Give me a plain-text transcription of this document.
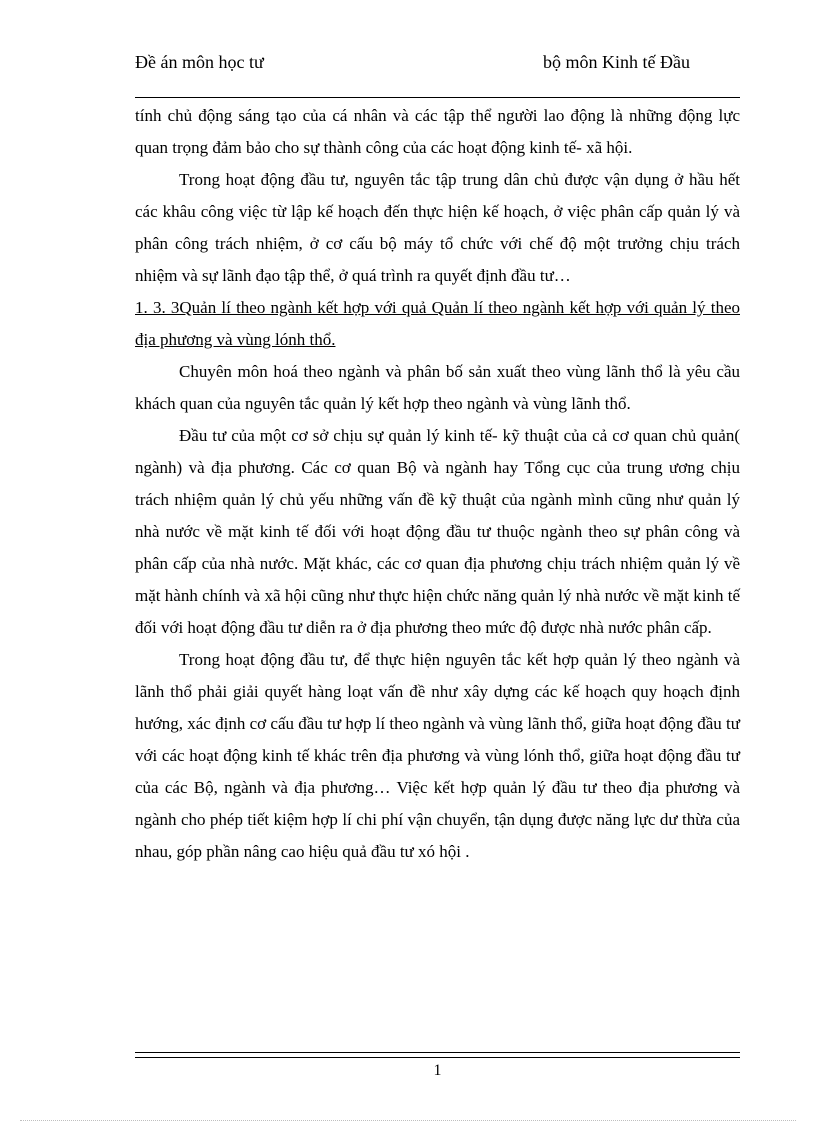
Đề án môn học tư	bộ môn Kinh tế Đầu

tính chủ động sáng tạo của cá nhân và các tập thể người lao động là những động lực quan trọng đảm bảo cho sự thành công của các hoạt động kinh tế- xã hội.

Trong hoạt động đầu tư, nguyên tắc tập trung dân chủ được vận dụng ở hầu hết các khâu công việc từ lập kế hoạch đến thực hiện kế hoạch, ở việc phân cấp quản lý và phân công trách nhiệm, ở cơ cấu bộ máy tổ chức với chế độ một trưởng chịu trách nhiệm và sự lãnh đạo tập thể, ở quá trình ra quyết định đầu tư…

1. 3. 3Quản lí theo ngành kết hợp với quả Quản lí theo ngành kết hợp với quản lý theo địa phương và vùng lónh thổ.

Chuyên môn hoá theo ngành và phân bố sản xuất theo vùng lãnh thổ là yêu cầu khách quan của nguyên tắc quản lý kết hợp theo ngành và vùng lãnh thổ.

Đầu tư của một cơ sở chịu sự quản lý kinh tế- kỹ thuật của cả cơ quan chủ quản( ngành) và địa phương. Các cơ quan Bộ và ngành hay Tổng cục của trung ương chịu trách nhiệm quản lý chủ yếu những vấn đề kỹ thuật của ngành mình cũng như quản lý nhà nước về mặt kinh tế đối với hoạt động đầu tư thuộc ngành theo sự phân công và phân cấp của nhà nước. Mặt khác, các cơ quan địa phương chịu trách nhiệm quản lý về mặt hành chính và xã hội cũng như thực hiện chức năng quản lý nhà nước về mặt kinh tế đối với hoạt động đầu tư diễn ra ở địa phương theo mức độ được nhà nước phân cấp.

Trong hoạt động đầu tư, để thực hiện nguyên tắc kết hợp quản lý theo ngành và lãnh thổ phải giải quyết hàng loạt vấn đề như xây dựng các kế hoạch quy hoạch định hướng, xác định cơ cấu đầu tư hợp lí theo ngành và vùng lãnh thổ, giữa hoạt động đầu tư với các hoạt động kinh tế khác trên địa phương và vùng lónh thổ, giữa hoạt động đầu tư của các Bộ, ngành và địa phương… Việc kết hợp quản lý đầu tư theo địa phương và ngành cho phép tiết kiệm hợp lí chi phí vận chuyển, tận dụng được năng lực dư thừa của nhau, góp phần nâng cao hiệu quả đầu tư xó hội .

1
